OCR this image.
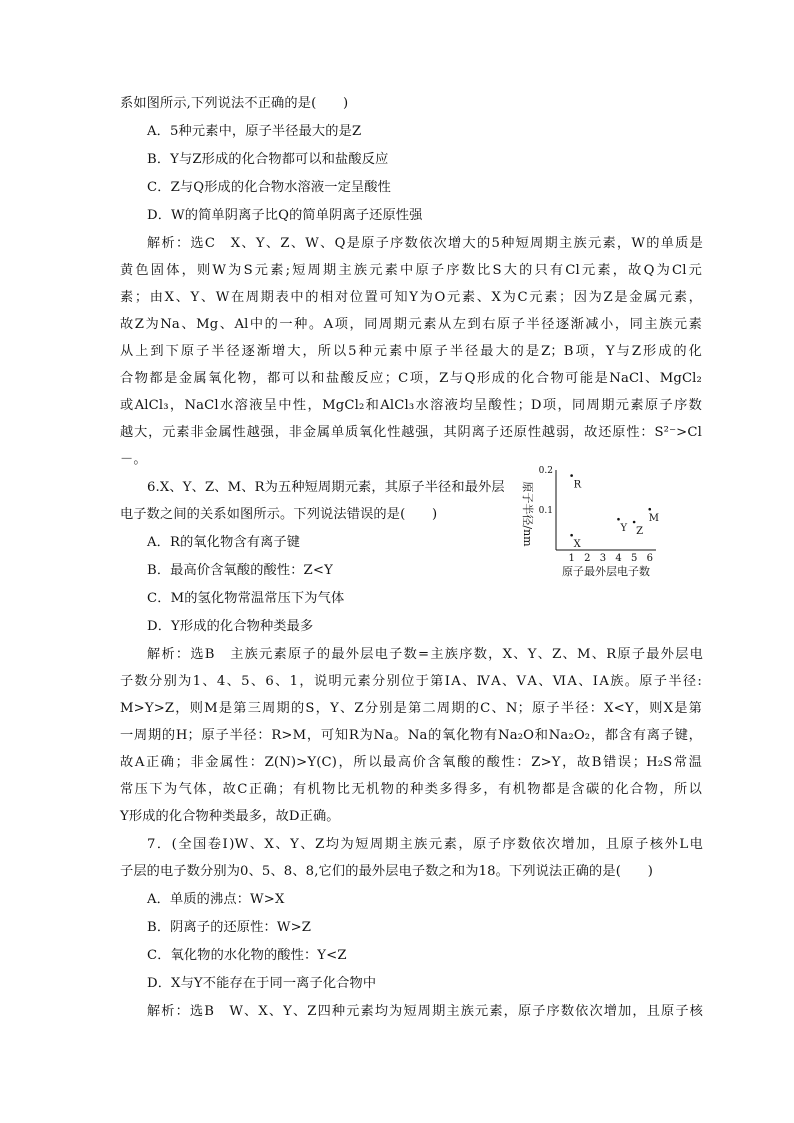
系如图所示,下列说法不正确的是(　　)
A．5种元素中，原子半径最大的是Z
B．Y与Z形成的化合物都可以和盐酸反应
C．Z与Q形成的化合物水溶液一定呈酸性
D．W的简单阴离子比Q的简单阴离子还原性强
解析：选C　X、Y、Z、W、Q是原子序数依次增大的5种短周期主族元素，W的单质是
黄色固体，则W为S元素;短周期主族元素中原子序数比S大的只有Cl元素，故Q为Cl元
素；由X、Y、W在周期表中的相对位置可知Y为O元素、X为C元素；因为Z是金属元素，
故Z为Na、Mg、Al中的一种。A项，同周期元素从左到右原子半径逐渐减小，同主族元素
从上到下原子半径逐渐增大，所以5种元素中原子半径最大的是Z；B项，Y与Z形成的化
合物都是金属氧化物，都可以和盐酸反应；C项，Z与Q形成的化合物可能是NaCl、MgCl₂
或AlCl₃，NaCl水溶液呈中性，MgCl₂和AlCl₃水溶液均呈酸性；D项，同周期元素原子序数
越大，元素非金属性越强，非金属单质氧化性越强，其阴离子还原性越弱，故还原性：S²⁻>Cl
－。
6.X、Y、Z、M、R为五种短周期元素，其原子半径和最外层
电子数之间的关系如图所示。下列说法错误的是(　　)
A．R的氧化物含有离子键
B．最高价含氧酸的酸性：Z<Y
C．M的氢化物常温常压下为气体
D．Y形成的化合物种类最多
1 2 3 4 5 6
0.1
0.2
R
X
Y Z
M
原子最外层电子数
原子半径/nm
解析：选B　主族元素原子的最外层电子数=主族序数，X、Y、Z、M、R原子最外层电
子数分别为1、4、5、6、1，说明元素分别位于第ⅠA、ⅣA、ⅤA、ⅥA、ⅠA族。原子半径:
M>Y>Z，则M是第三周期的S，Y、Z分别是第二周期的C、N；原子半径：X<Y，则X是第
一周期的H；原子半径：R>M，可知R为Na。Na的氧化物有Na₂O和Na₂O₂，都含有离子键，
故A正确；非金属性：Z(N)>Y(C)，所以最高价含氧酸的酸性：Z>Y，故B错误；H₂S常温
常压下为气体，故C正确；有机物比无机物的种类多得多，有机物都是含碳的化合物，所以
Y形成的化合物种类最多，故D正确。
7．(全国卷Ⅰ)W、X、Y、Z均为短周期主族元素，原子序数依次增加，且原子核外L电
子层的电子数分别为0、5、8、8,它们的最外层电子数之和为18。下列说法正确的是(　　)
A．单质的沸点：W>X
B．阴离子的还原性：W>Z
C．氧化物的水化物的酸性：Y<Z
D．X与Y不能存在于同一离子化合物中
解析：选B　W、X、Y、Z四种元素均为短周期主族元素，原子序数依次增加，且原子核
